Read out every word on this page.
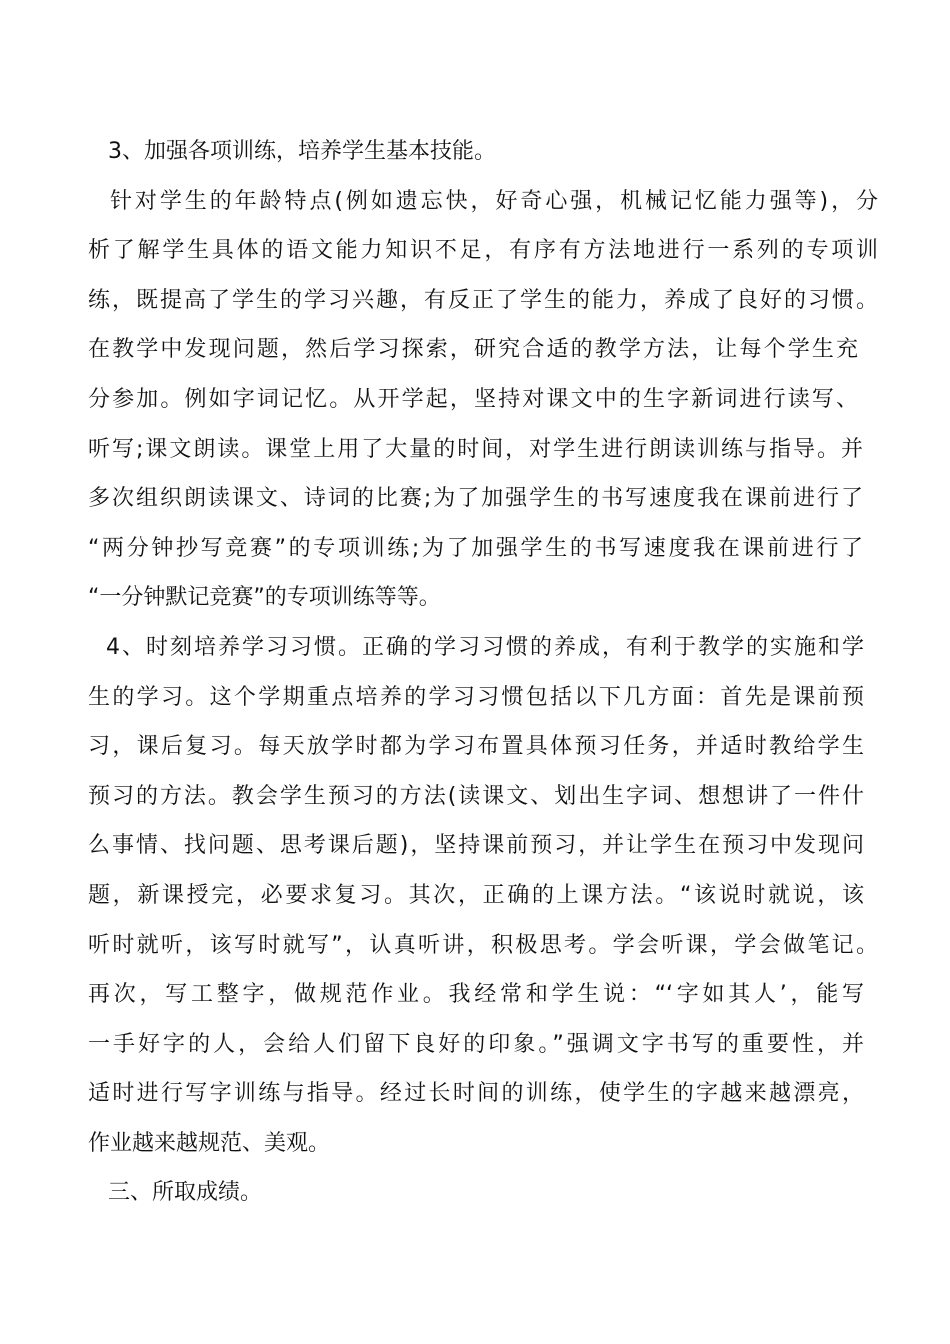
3、加强各项训练，培养学生基本技能。
针对学生的年龄特点(例如遗忘快，好奇心强，机械记忆能力强等)，分
析了解学生具体的语文能力知识不足，有序有方法地进行一系列的专项训
练，既提高了学生的学习兴趣，有反正了学生的能力，养成了良好的习惯。
在教学中发现问题，然后学习探索，研究合适的教学方法，让每个学生充
分参加。例如字词记忆。从开学起，坚持对课文中的生字新词进行读写、
听写;课文朗读。课堂上用了大量的时间，对学生进行朗读训练与指导。并
多次组织朗读课文、诗词的比赛;为了加强学生的书写速度我在课前进行了
“两分钟抄写竞赛”的专项训练;为了加强学生的书写速度我在课前进行了
“一分钟默记竞赛”的专项训练等等。
4、时刻培养学习习惯。正确的学习习惯的养成，有利于教学的实施和学
生的学习。这个学期重点培养的学习习惯包括以下几方面：首先是课前预
习，课后复习。每天放学时都为学习布置具体预习任务，并适时教给学生
预习的方法。教会学生预习的方法(读课文、划出生字词、想想讲了一件什
么事情、找问题、思考课后题)，坚持课前预习，并让学生在预习中发现问
题，新课授完，必要求复习。其次，正确的上课方法。“该说时就说，该
听时就听，该写时就写”，认真听讲，积极思考。学会听课，学会做笔记。
再次，写工整字，做规范作业。我经常和学生说：“‘字如其人’，能写
一手好字的人，会给人们留下良好的印象。”强调文字书写的重要性，并
适时进行写字训练与指导。经过长时间的训练，使学生的字越来越漂亮，
作业越来越规范、美观。
三、所取成绩。
